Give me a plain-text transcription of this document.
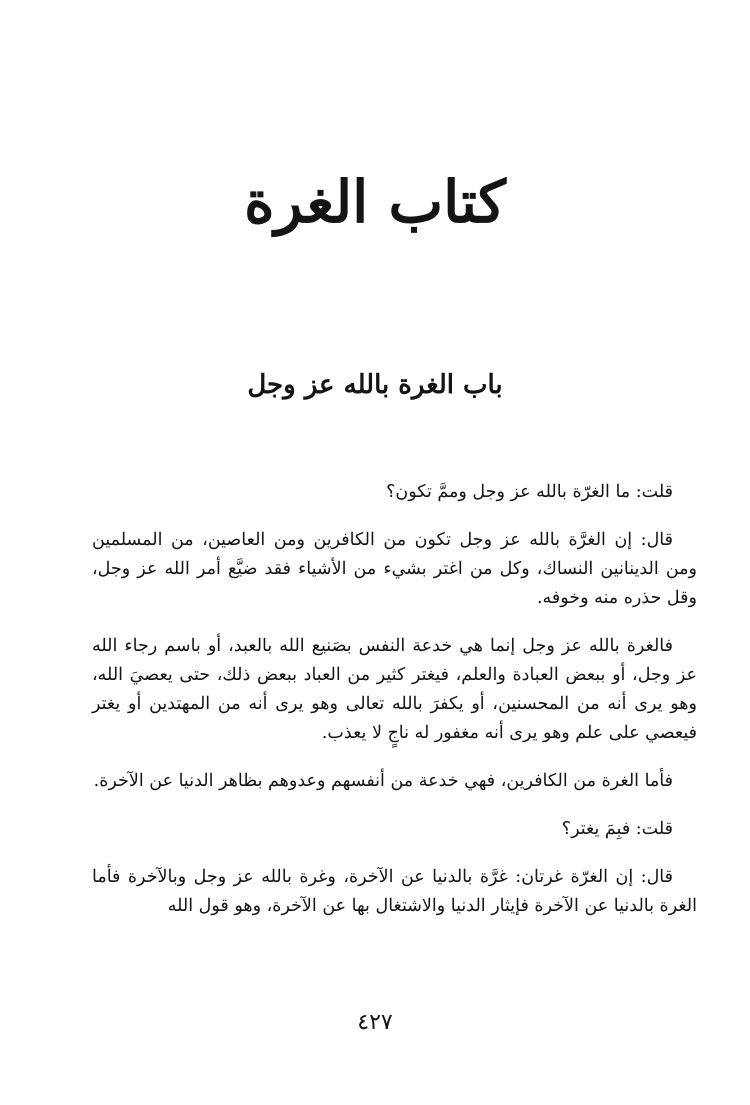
كتاب الغرة
باب الغرة بالله عز وجل

قلت: ما الغرّة بالله عز وجل وممَّ تكون؟

قال: إن الغرَّة بالله عز وجل تكون من الكافرين ومن العاصين، من المسلمين ومن الدينانين النساك، وكل من اغتر بشيء من الأشياء فقد ضيَّع أمر الله عز وجل، وقل حذره منه وخوفه.

فالغرة بالله عز وجل إنما هي خدعة النفس بصَنيع الله بالعبد، أو باسم رجاء الله عز وجل، أو ببعض العبادة والعلم، فيغتر كثير من العباد ببعض ذلك، حتى يعصيَ الله، وهو يرى أنه من المحسنين، أو يكفرَ بالله تعالى وهو يرى أنه من المهتدين أو يغتر فيعصي على علم وهو يرى أنه مغفور له ناجٍ لا يعذب.

فأما الغرة من الكافرين، فهي خدعة من أنفسهم وعدوهم بظاهر الدنيا عن الآخرة.

قلت: فبِمَ يغتر؟

قال: إن الغرّة غرتان: غرَّة بالدنيا عن الآخرة، وغرة بالله عز وجل وبالآخرة فأما الغرة بالدنيا عن الآخرة فإيثار الدنيا والاشتغال بها عن الآخرة، وهو قول الله

٤٢٧
